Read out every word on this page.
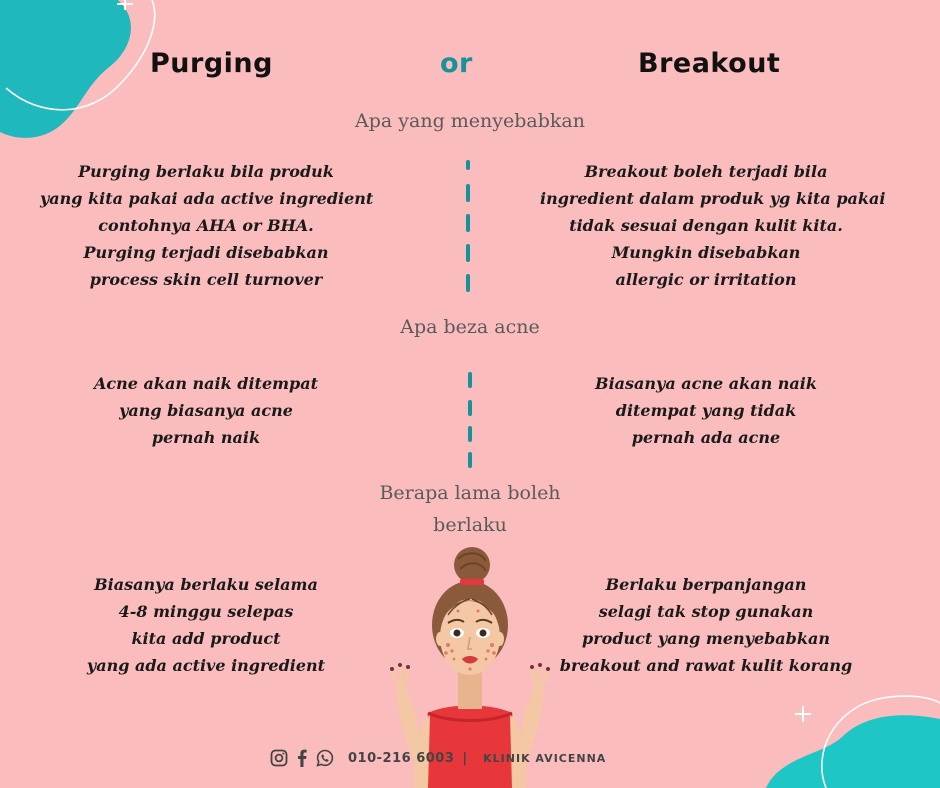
Purging	or	Breakout
Apa yang menyebabkan
Purging berlaku bila produk
yang kita pakai ada active ingredient
contohnya AHA or BHA.
Purging terjadi disebabkan
process skin cell turnover
Breakout boleh terjadi bila
ingredient dalam produk yg kita pakai
tidak sesuai dengan kulit kita.
Mungkin disebabkan
allergic or irritation
Apa beza acne
Acne akan naik ditempat
yang biasanya acne
pernah naik
Biasanya acne akan naik
ditempat yang tidak
pernah ada acne
Berapa lama boleh
berlaku
Biasanya berlaku selama
4-8 minggu selepas
kita add product
yang ada active ingredient
Berlaku berpanjangan
selagi tak stop gunakan
product yang menyebabkan
breakout and rawat kulit korang
010-216 6003 | KLINIK AVICENNA
